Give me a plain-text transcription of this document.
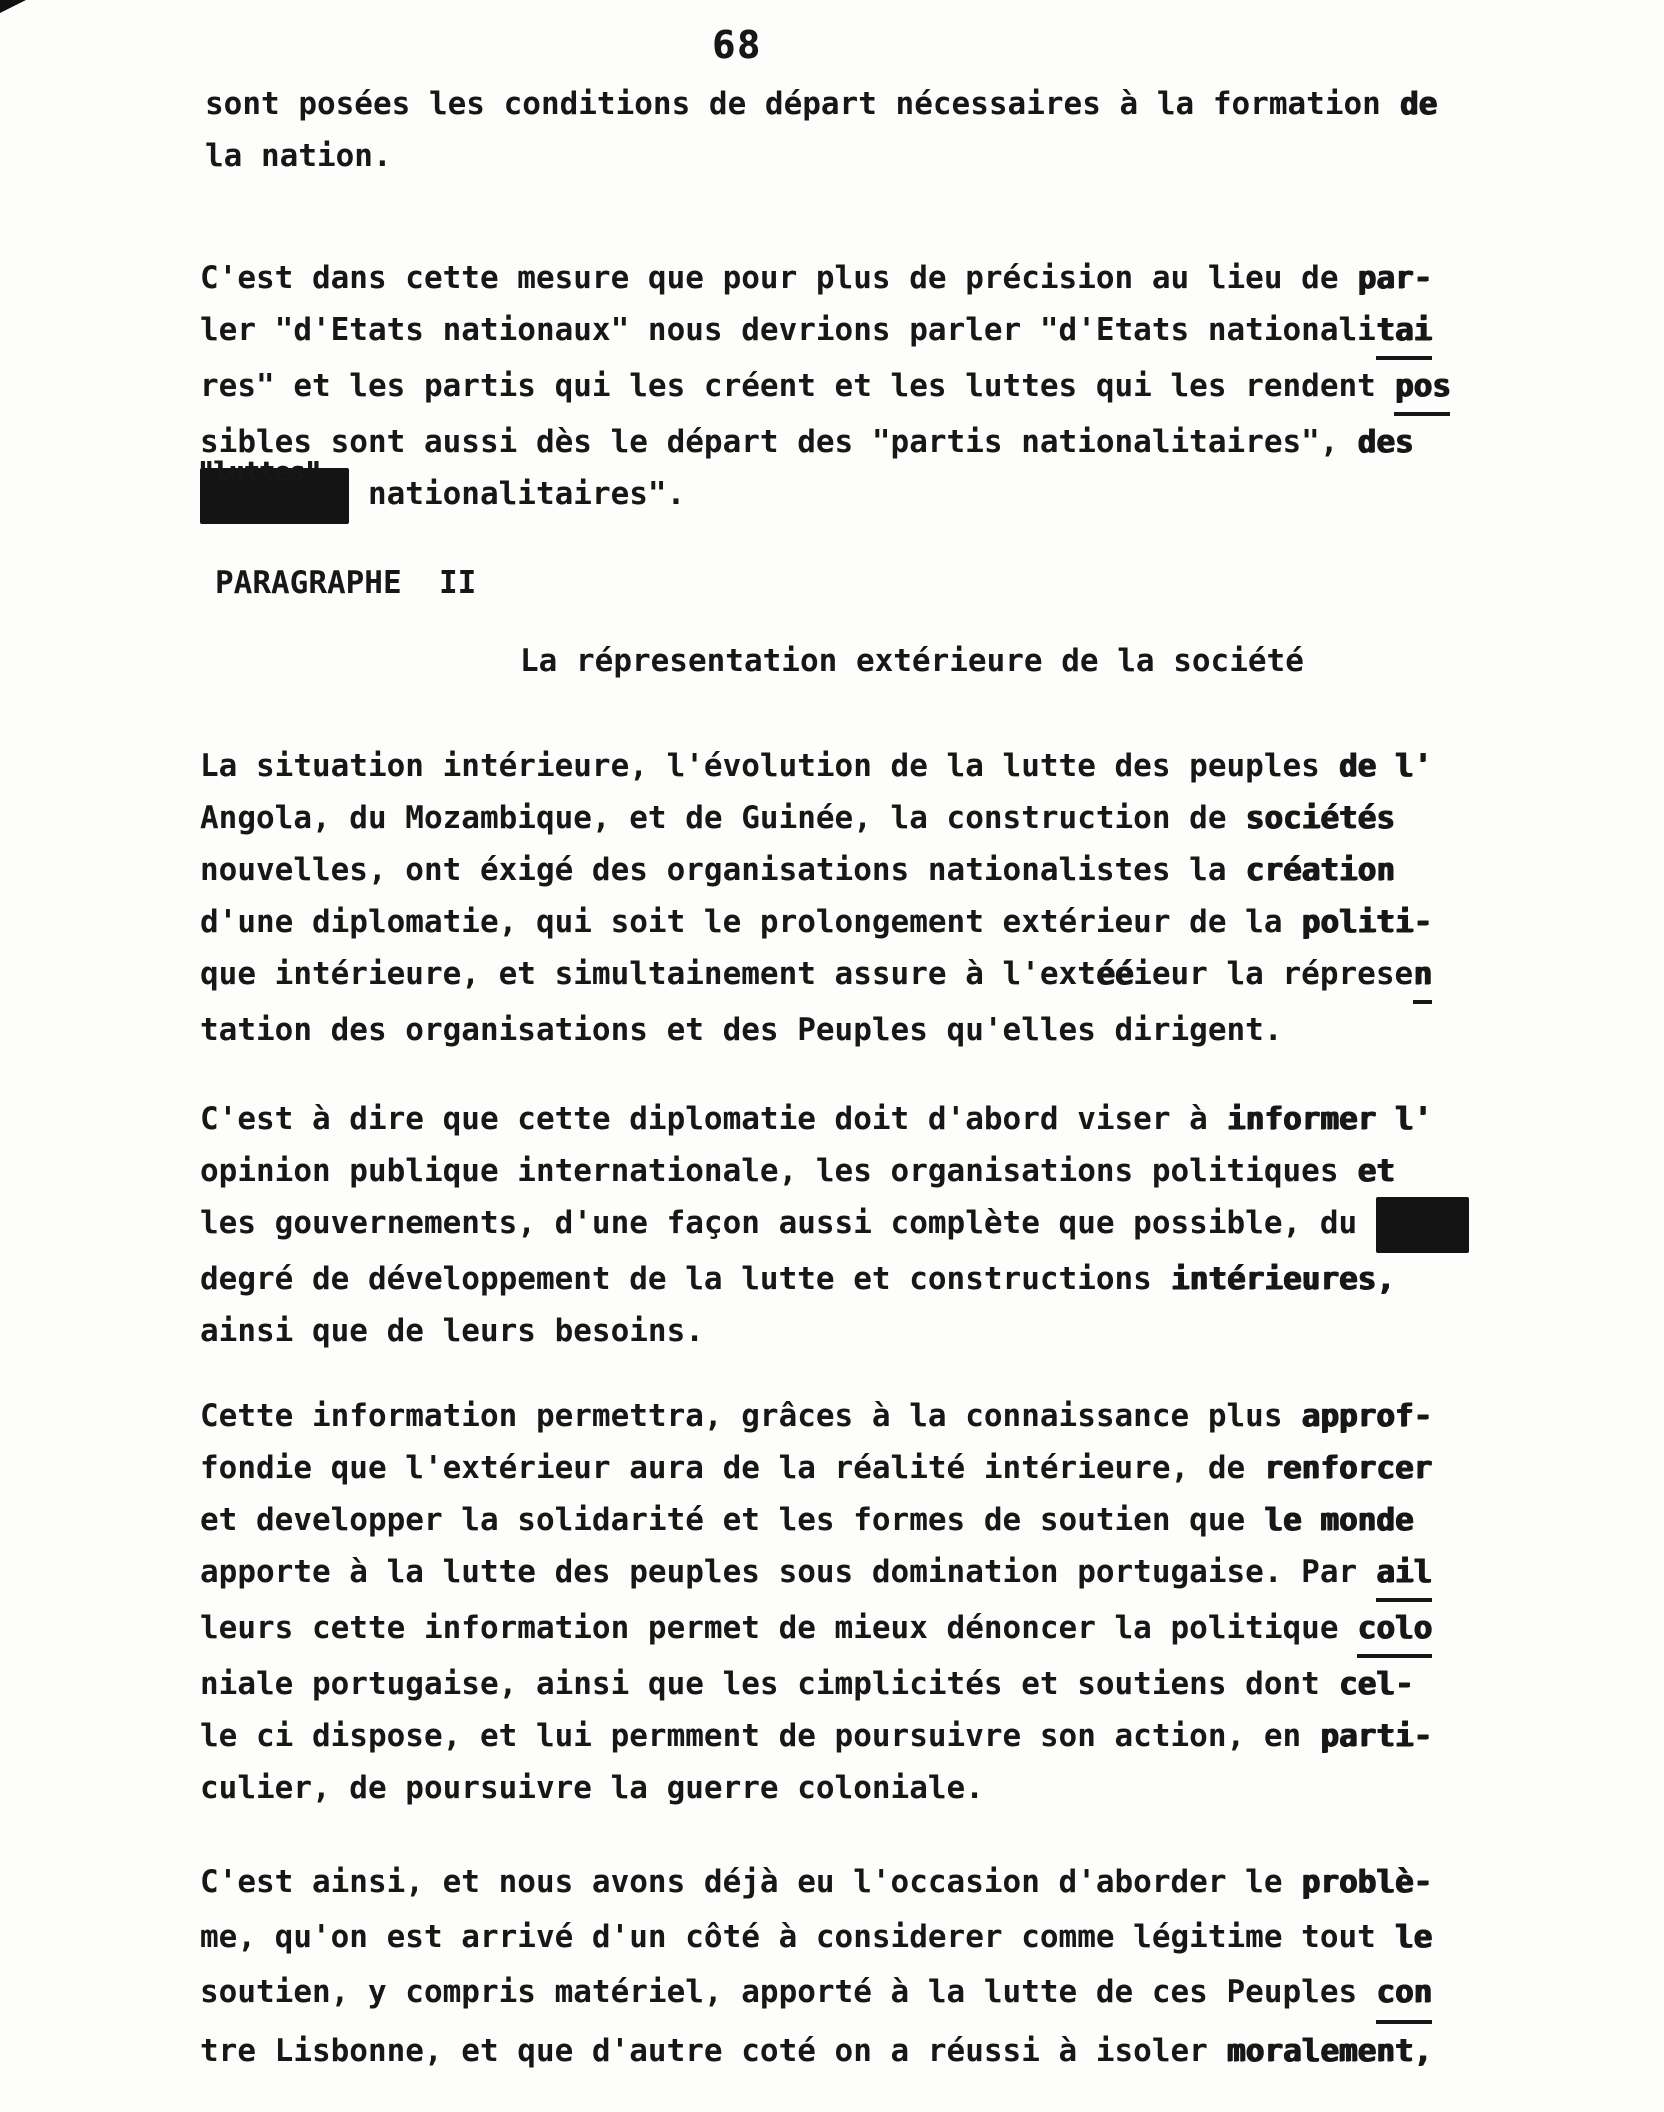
68
sont posées les conditions de départ nécessaires à la formation de
la nation.
C'est dans cette mesure que pour plus de précision au lieu de par-
ler "d'Etats nationaux" nous devrions parler "d'Etats nationalitai
res" et les partis qui les créent et les luttes qui les rendent pos
sibles sont aussi dès le départ des "partis nationalitaires", des
"luttes"
nationalitaires".
PARAGRAPHE  II
La répresentation extérieure de la société
La situation intérieure, l'évolution de la lutte des peuples de l'
Angola, du Mozambique, et de Guinée, la construction de sociétés
nouvelles, ont éxigé des organisations nationalistes la création
d'une diplomatie, qui soit le prolongement extérieur de la politi-
que intérieure, et simultainement assure à l'extééieur la répresen
tation des organisations et des Peuples qu'elles dirigent.
C'est à dire que cette diplomatie doit d'abord viser à informer l'
opinion publique internationale, les organisations politiques et
les gouvernements, d'une façon aussi complète que possible, du
degré de développement de la lutte et constructions intérieures,
ainsi que de leurs besoins.
Cette information permettra, grâces à la connaissance plus approf-
fondie que l'extérieur aura de la réalité intérieure, de renforcer
et developper la solidarité et les formes de soutien que le monde
apporte à la lutte des peuples sous domination portugaise. Par ail
leurs cette information permet de mieux dénoncer la politique colo
niale portugaise, ainsi que les cimplicités et soutiens dont cel-
le ci dispose, et lui permment de poursuivre son action, en parti-
culier, de poursuivre la guerre coloniale.
C'est ainsi, et nous avons déjà eu l'occasion d'aborder le problè-
me, qu'on est arrivé d'un côté à considerer comme légitime tout le
soutien, y compris matériel, apporté à la lutte de ces Peuples con
tre Lisbonne, et que d'autre coté on a réussi à isoler moralement,
